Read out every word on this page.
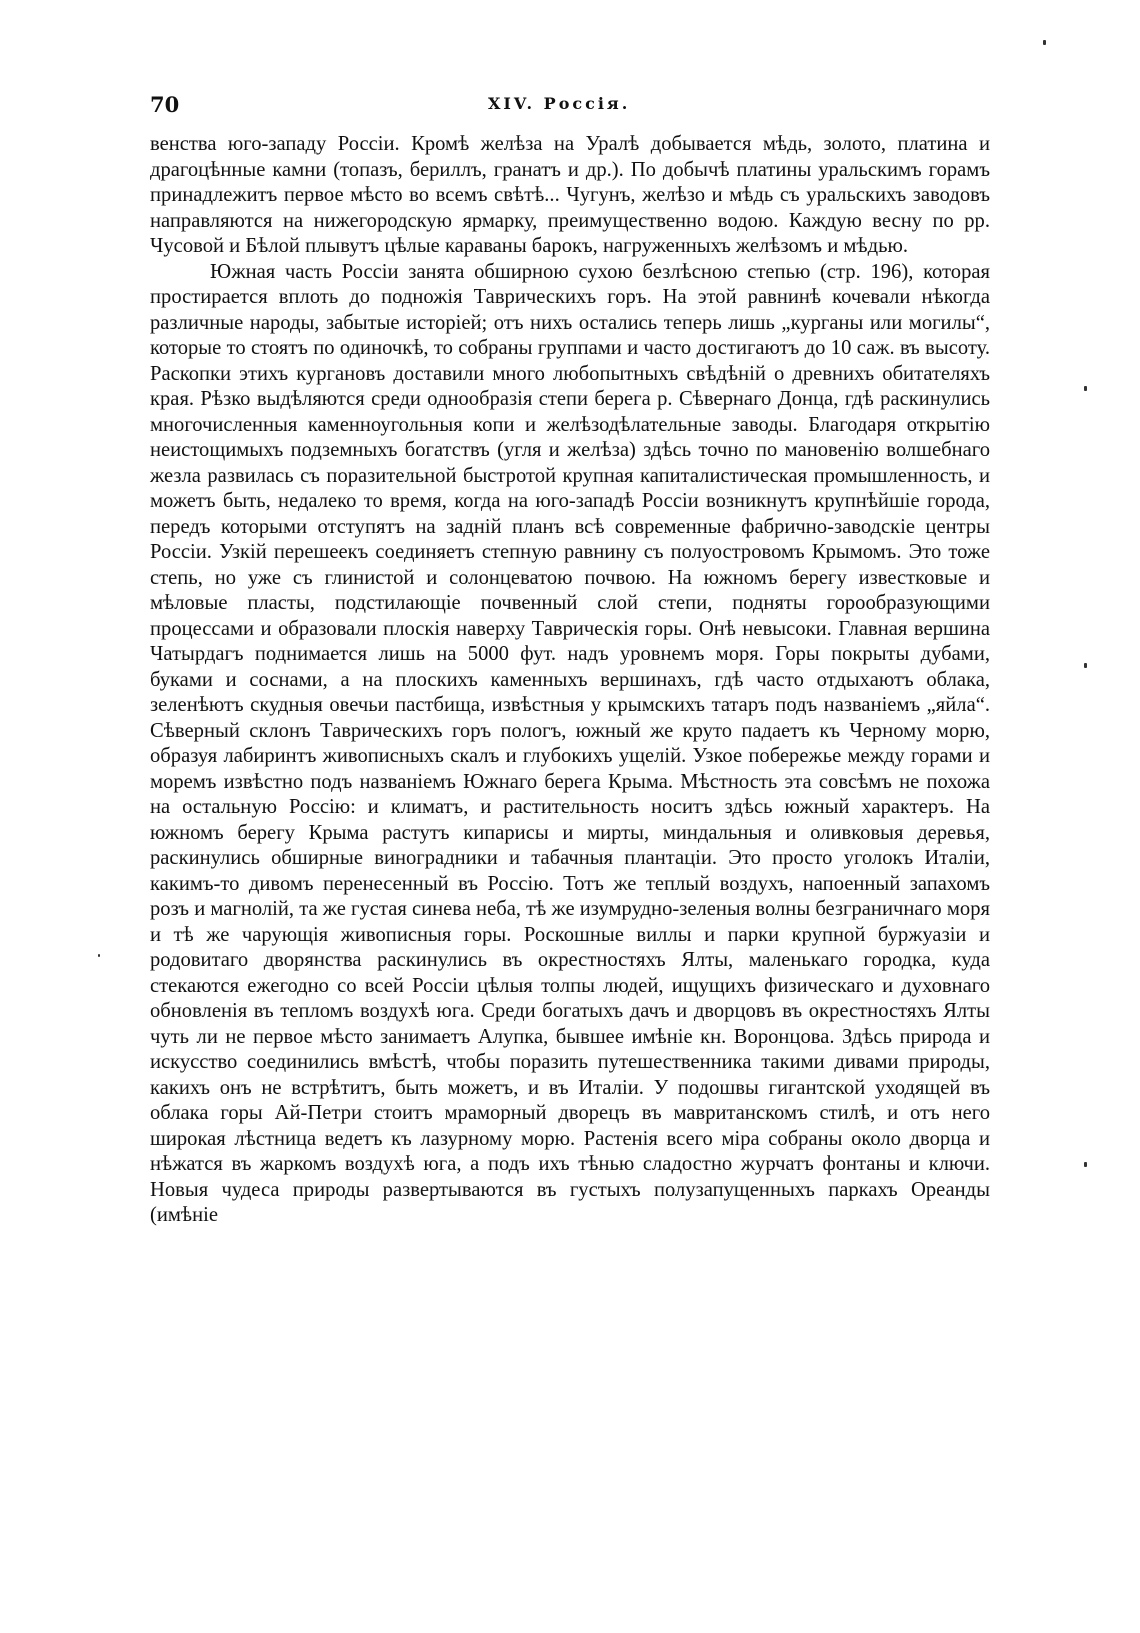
70	XIV. Россія.

венства юго-западу Россіи. Кромѣ желѣза на Уралѣ добывается мѣдь, золото, платина и драгоцѣнные камни (топазъ, бериллъ, гранатъ и др.). По добычѣ платины уральскимъ горамъ принадлежитъ первое мѣсто во всемъ свѣтѣ... Чугунъ, желѣзо и мѣдь съ уральскихъ заводовъ направляются на нижегородскую ярмарку, преимущественно водою. Каждую весну по рр. Чусовой и Бѣлой плывутъ цѣлые караваны барокъ, нагруженныхъ желѣзомъ и мѣдью.

Южная часть Россіи занята обширною сухою безлѣсною степью (стр. 196), которая простирается вплоть до подножія Таврическихъ горъ. На этой равнинѣ кочевали нѣкогда различные народы, забытые исторіей; отъ нихъ остались теперь лишь „курганы или могилы“, которые то стоятъ по одиночкѣ, то собраны группами и часто достигаютъ до 10 саж. въ высоту. Раскопки этихъ кургановъ доставили много любопытныхъ свѣдѣній о древнихъ обитателяхъ края. Рѣзко выдѣляются среди однообразія степи берега р. Сѣвернаго Донца, гдѣ раскинулись многочисленныя каменноугольныя копи и желѣзодѣлательные заводы. Благодаря открытію неистощимыхъ подземныхъ богатствъ (угля и желѣза) здѣсь точно по мановенію волшебнаго жезла развилась съ поразительной быстротой крупная капиталистическая промышленность, и можетъ быть, недалеко то время, когда на юго-западѣ Россіи возникнутъ крупнѣйшіе города, передъ которыми отступятъ на задній планъ всѣ современные фабрично-заводскіе центры Россіи. Узкій перешеекъ соединяетъ степную равнину съ полуостровомъ Крымомъ. Это тоже степь, но уже съ глинистой и солонцеватою почвою. На южномъ берегу известковые и мѣловые пласты, подстилающіе почвенный слой степи, подняты горообразующими процессами и образовали плоскія наверху Таврическія горы. Онѣ невысоки. Главная вершина Чатырдагъ поднимается лишь на 5000 фут. надъ уровнемъ моря. Горы покрыты дубами, буками и соснами, а на плоскихъ каменныхъ вершинахъ, гдѣ часто отдыхаютъ облака, зеленѣютъ скудныя овечьи пастбища, извѣстныя у крымскихъ татаръ подъ названіемъ „яйла“. Сѣверный склонъ Таврическихъ горъ пологъ, южный же круто падаетъ къ Черному морю, образуя лабиринтъ живописныхъ скалъ и глубокихъ ущелій. Узкое побережье между горами и моремъ извѣстно подъ названіемъ Южнаго берега Крыма. Мѣстность эта совсѣмъ не похожа на остальную Россію: и климатъ, и растительность носитъ здѣсь южный характеръ. На южномъ берегу Крыма растутъ кипарисы и мирты, миндальныя и оливковыя деревья, раскинулись обширные виноградники и табачныя плантаціи. Это просто уголокъ Италіи, какимъ-то дивомъ перенесенный въ Россію. Тотъ же теплый воздухъ, напоенный запахомъ розъ и магнолій, та же густая синева неба, тѣ же изумрудно-зеленыя волны безграничнаго моря и тѣ же чарующія живописныя горы. Роскошные виллы и парки крупной буржуазіи и родовитаго дворянства раскинулись въ окрестностяхъ Ялты, маленькаго городка, куда стекаются ежегодно со всей Россіи цѣлыя толпы людей, ищущихъ физическаго и духовнаго обновленія въ тепломъ воздухѣ юга. Среди богатыхъ дачъ и дворцовъ въ окрестностяхъ Ялты чуть ли не первое мѣсто занимаетъ Алупка, бывшее имѣніе кн. Воронцова. Здѣсь природа и искусство соединились вмѣстѣ, чтобы поразить путешественника такими дивами природы, какихъ онъ не встрѣтитъ, быть можетъ, и въ Италіи. У подошвы гигантской уходящей въ облака горы Ай-Петри стоитъ мраморный дворецъ въ мавританскомъ стилѣ, и отъ него широкая лѣстница ведетъ къ лазурному морю. Растенія всего міра собраны около дворца и нѣжатся въ жаркомъ воздухѣ юга, а подъ ихъ тѣнью сладостно журчатъ фонтаны и ключи. Новыя чудеса природы развертываются въ густыхъ полузапущенныхъ паркахъ Ореанды (имѣніе
